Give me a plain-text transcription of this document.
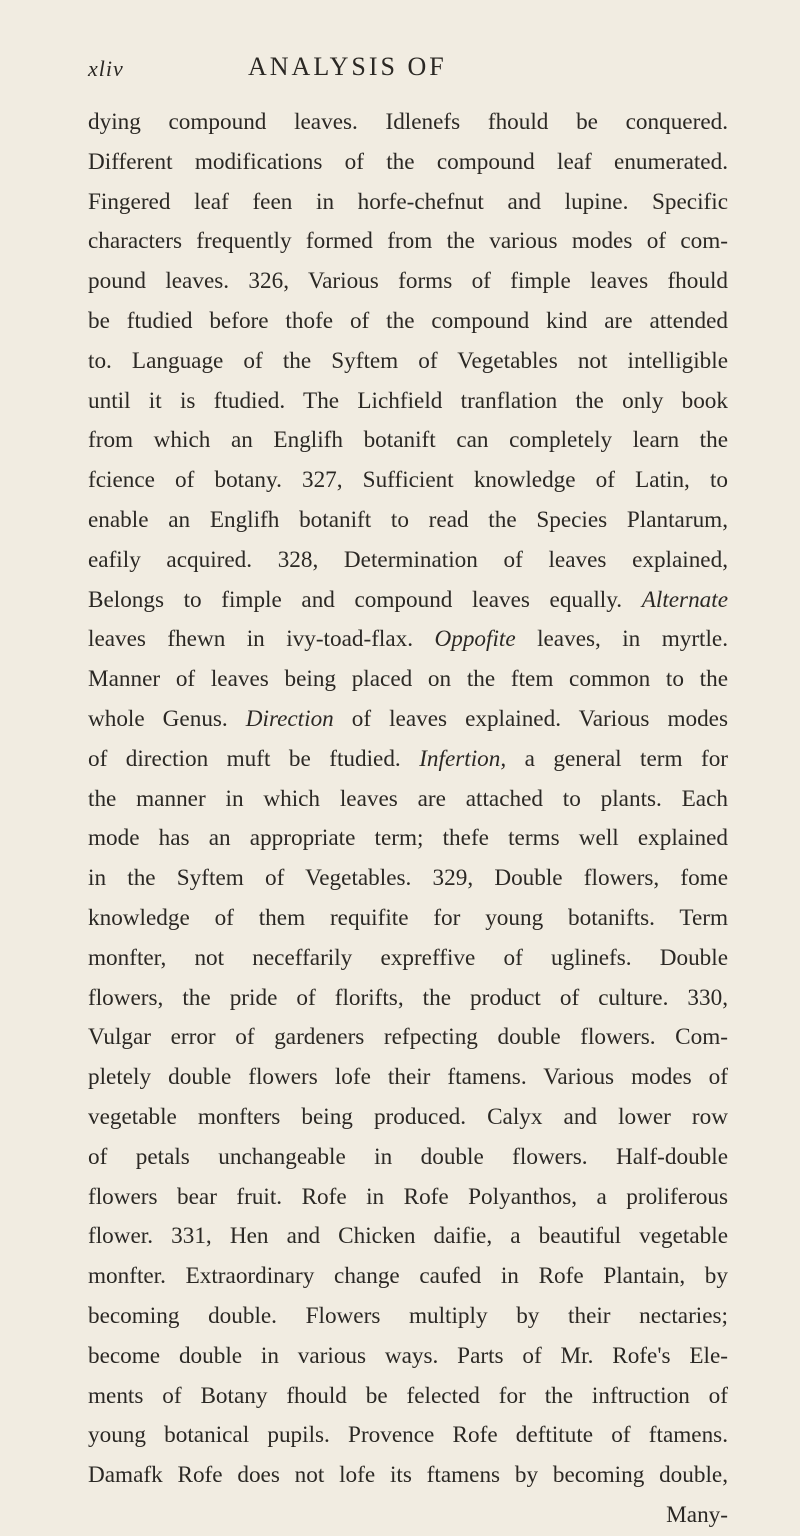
xliv	ANALYSIS OF
dying compound leaves. Idlenefs fhould be conquered.
Different modifications of the compound leaf enumerated.
Fingered leaf feen in horfe-chefnut and lupine. Specific
characters frequently formed from the various modes of com-
pound leaves. 326, Various forms of fimple leaves fhould
be ftudied before thofe of the compound kind are attended
to. Language of the Syftem of Vegetables not intelligible
until it is ftudied. The Lichfield tranflation the only book
from which an Englifh botanift can completely learn the
fcience of botany. 327, Sufficient knowledge of Latin, to
enable an Englifh botanift to read the Species Plantarum,
eafily acquired. 328, Determination of leaves explained,
Belongs to fimple and compound leaves equally. Alternate
leaves fhewn in ivy-toad-flax. Oppofite leaves, in myrtle.
Manner of leaves being placed on the ftem common to the
whole Genus. Direction of leaves explained. Various modes
of direction muft be ftudied. Infertion, a general term for
the manner in which leaves are attached to plants. Each
mode has an appropriate term; thefe terms well explained
in the Syftem of Vegetables. 329, Double flowers, fome
knowledge of them requifite for young botanifts. Term
monfter, not neceffarily expreffive of uglinefs. Double
flowers, the pride of florifts, the product of culture. 330,
Vulgar error of gardeners refpecting double flowers. Com-
pletely double flowers lofe their ftamens. Various modes of
vegetable monfters being produced. Calyx and lower row
of petals unchangeable in double flowers. Half-double
flowers bear fruit. Rofe in Rofe Polyanthos, a proliferous
flower. 331, Hen and Chicken daifie, a beautiful vegetable
monfter. Extraordinary change caufed in Rofe Plantain, by
becoming double. Flowers multiply by their nectaries;
become double in various ways. Parts of Mr. Rofe's Ele-
ments of Botany fhould be felected for the inftruction of
young botanical pupils. Provence Rofe deftitute of ftamens.
Damafk Rofe does not lofe its ftamens by becoming double,
Many-
